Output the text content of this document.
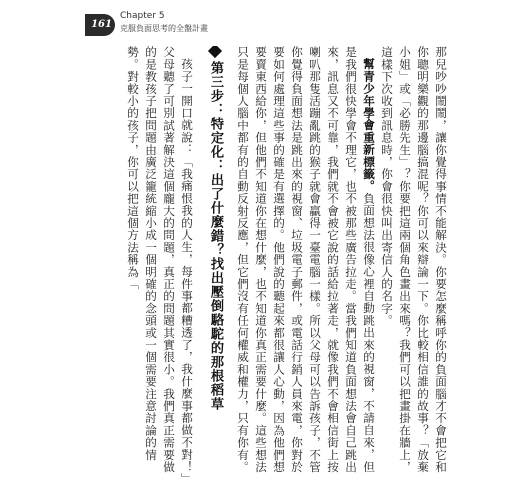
161
Chapter 5
克服負面思考的全盤計畫

那兒吵吵鬧鬧，讓你覺得事情不能解決。你要怎麼稱呼你的負面腦才不會把它和你聰明樂觀的那邊腦搞混呢？你可以來辯論一下。你比較相信誰的故事？「放棄小姐」或「必勝先生」？你要把這兩個角色畫出來嗎？我們可以把畫掛在牆上，這樣下次收到訊息時，你會很快叫出寄信人的名字。

幫青少年學會重新標籤。負面想法很像心裡自動跳出來的視窗，不請自來，但是我們很快學會不理它，也不被那些廣告拉走。當我們知道負面想法會自己跳出來，訊息又不可靠，我們就不會被它說的話給拉著走，就像我們不會相信街上按喇叭那隻活蹦亂跳的猴子就會贏得一臺電腦一樣。所以父母可以告訴孩子，不管你覺得負面想法是跳出來的視窗、垃圾電子郵件，或電話行銷人員來電，你對於要如何處理這些事的確是有選擇的。他們說的聽起來都很讓人心動，因為他們想要賣東西給你，但他們不知道你在想什麼，也不知道你真正需要什麼。這些想法只是每個人腦中都有的自動反射反應，但它們沒有任何權威和權力，只有你有。

第三步：特定化：出了什麼錯？找出壓倒駱駝的那根稻草

孩子一開口就說：「我痛恨我的人生，每件事都糟透了，我什麼事都做不對！」父母聽了可別試著解決這個龐大的問題，真正的問題其實很小。我們真正需要做的是教孩子把問題由廣泛籠統縮小成一個明確的念頭或一個需要注意討論的情勢。對較小的孩子，你可以把這個方法稱為「
